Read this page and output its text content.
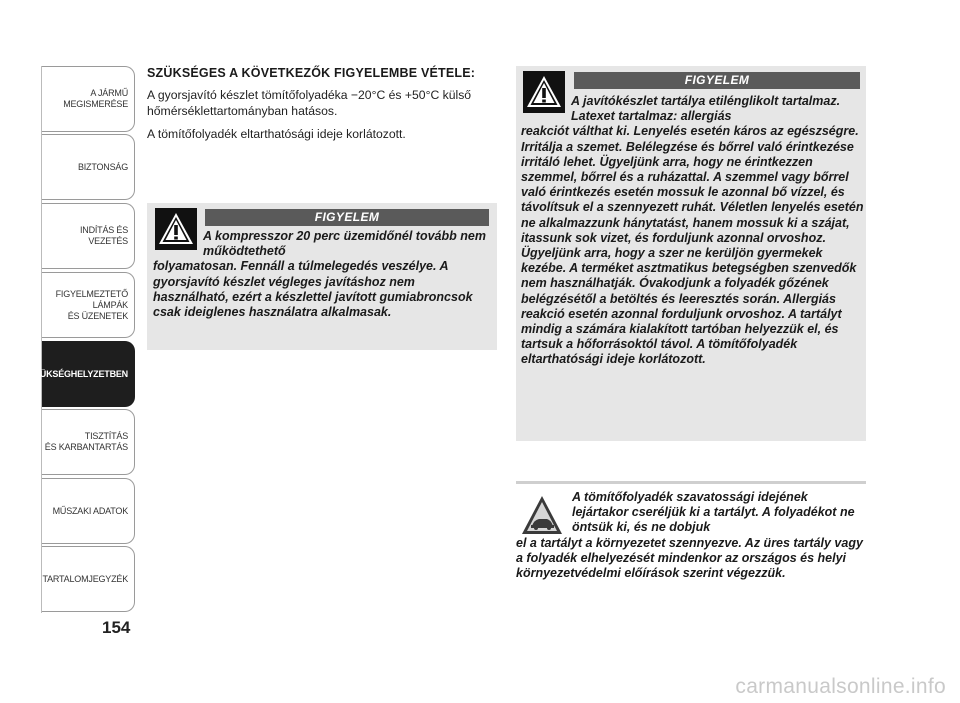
A JÁRMŰ
MEGISMERÉSE
BIZTONSÁG
INDÍTÁS ÉS VEZETÉS
FIGYELMEZTETŐ
LÁMPÁK
ÉS ÜZENETEK
SZÜKSÉGHELYZETBEN
TISZTÍTÁS
ÉS KARBANTARTÁS
MŰSZAKI ADATOK
TARTALOMJEGYZÉK
154

SZÜKSÉGES A KÖVETKEZŐK FIGYELEMBE VÉTELE:

A gyorsjavító készlet tömítőfolyadéka −20°C és +50°C külső hőmérséklettartományban hatásos.

A tömítőfolyadék eltarthatósági ideje korlátozott.

FIGYELEM
A kompresszor 20 perc üzemidőnél tovább nem működtethető
folyamatosan. Fennáll a túlmelegedés veszélye. A gyorsjavító készlet végleges javításhoz nem használható, ezért a készlettel javított gumiabroncsok csak ideiglenes használatra alkalmasak.
FIGYELEM
A javítókészlet tartálya etilénglikolt tartalmaz. Latexet tartalmaz: allergiás
reakciót válthat ki. Lenyelés esetén káros az egészségre. Irritálja a szemet. Belélegzése és bőrrel való érintkezése irritáló lehet. Ügyeljünk arra, hogy ne érintkezzen szemmel, bőrrel és a ruházattal. A szemmel vagy bőrrel való érintkezés esetén mossuk le azonnal bő vízzel, és távolítsuk el a szennyezett ruhát. Véletlen lenyelés esetén ne alkalmazzunk hánytatást, hanem mossuk ki a szájat, itassunk sok vizet, és forduljunk azonnal orvoshoz. Ügyeljünk arra, hogy a szer ne kerüljön gyermekek kezébe. A terméket asztmatikus betegségben szenvedők nem használhatják. Óvakodjunk a folyadék gőzének belégzésétől a betöltés és leeresztés során. Allergiás reakció esetén azonnal forduljunk orvoshoz. A tartályt mindig a számára kialakított tartóban helyezzük el, és tartsuk a hőforrásoktól távol. A tömítőfolyadék eltarthatósági ideje korlátozott.
A tömítőfolyadék szavatossági idejének lejártakor cseréljük ki a tartályt. A folyadékot ne öntsük ki, és ne dobjuk
el a tartályt a környezetet szennyezve. Az üres tartály vagy a folyadék elhelyezését mindenkor az országos és helyi környezetvédelmi előírások szerint végezzük.
carmanualsonline.info
